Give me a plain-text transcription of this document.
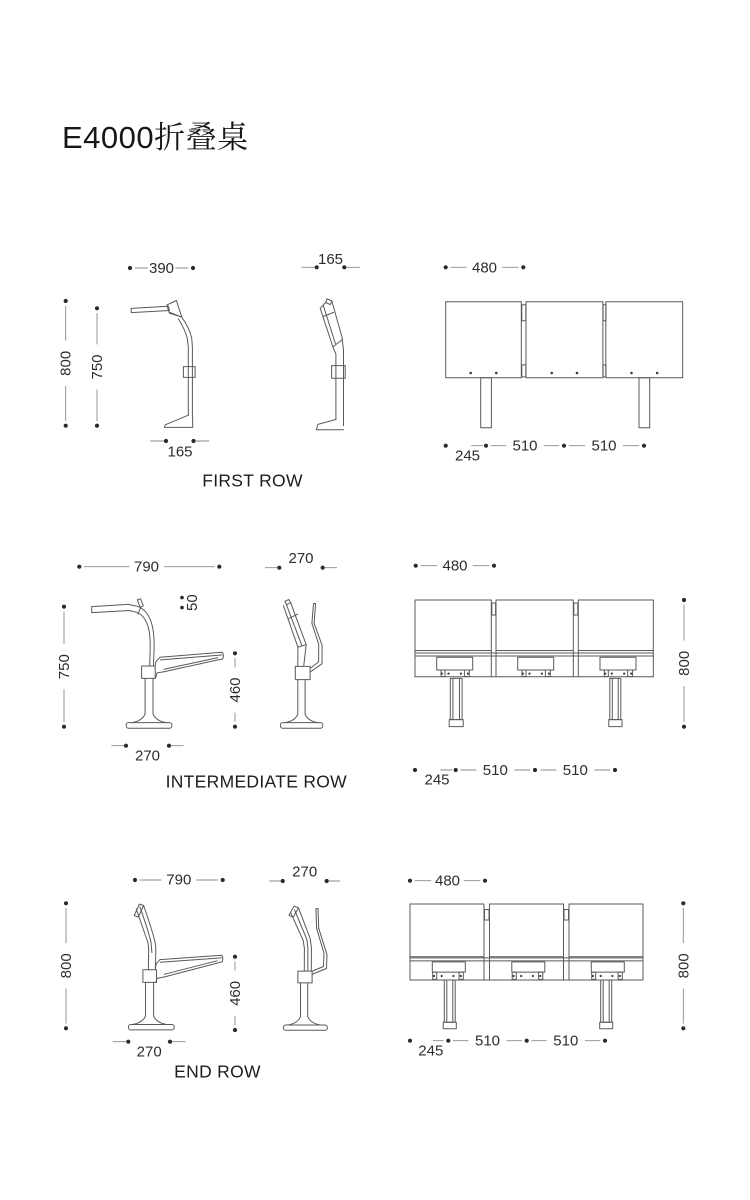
E4000折叠桌
390
800 750
165
165	480
245
510	510
FIRST ROW
790	270
750
50
460
270
480
800
245
510	510
INTERMEDIATE ROW
790	270
800
460
270
480
800
245
510	510
END ROW
